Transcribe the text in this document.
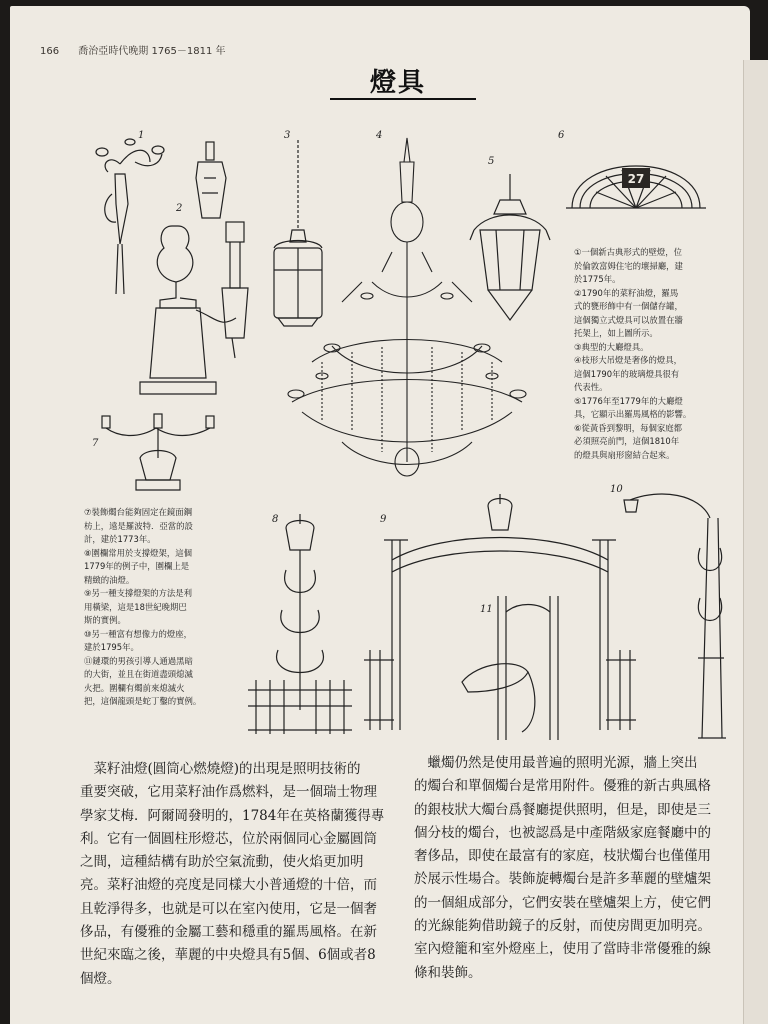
166 喬治亞時代晚期 1765－1811 年
燈具
1
2
3	4
5
6
7
8	9
10
11
27
①一個新古典形式的壁燈，位
於倫敦富姆住宅的壞掃廳，建
於1775年。
②1790年的菜籽油燈，羅馬
式的甕形飾中有一個儲存罐，
這個獨立式燈具可以放置在牆
托架上，如上圖所示。
③典型的大廳燈具。
④枝形大吊燈是奢侈的燈具，
這個1790年的玻璃燈具很有
代表性。
⑤1776年至1779年的大廳燈
具，它顯示出羅馬風格的影響。
⑥從黃昏到黎明，每個家庭都
必須照亮前門，這個1810年
的燈具與扇形窗結合起來。
⑦裝飾燭台能夠固定在鏡面鋼
枋上，遠是羅波特．亞當的設
計，建於1773年。
⑧圍欄常用於支撐燈架，這個
1779年的例子中，圍欄上是
精緻的油燈。
⑨另一種支撐燈架的方法是利
用橫梁，這是18世紀晚期巴
斯的實例。
⑩另一種富有想像力的燈座，
建於1795年。
⑪鏈環的男孩引導人通過黑暗
的大街，並且在街道盡頭熄滅
火把。圍欄有燭前來熄滅火
把，這個龍頭是蛇丁鑿的實例。
　菜籽油燈(圓筒心燃燒燈)的出現是照明技術的
重要突破，它用菜籽油作爲燃料，是一個瑞士物理
學家艾梅．阿爾岡發明的，1784年在英格蘭獲得專
利。它有一個圓柱形燈芯，位於兩個同心金屬圓筒
之間，這種結構有助於空氣流動，使火焰更加明
亮。菜籽油燈的亮度是同樣大小普通燈的十倍，而
且乾淨得多，也就是可以在室內使用，它是一個奢
侈品，有優雅的金屬工藝和穩重的羅馬風格。在新
世紀來臨之後，華麗的中央燈具有5個、6個或者8
個燈。
　蠟燭仍然是使用最普遍的照明光源，牆上突出
的燭台和單個燭台是常用附件。優雅的新古典風格
的銀枝狀大燭台爲餐廳提供照明，但是，即使是三
個分枝的燭台，也被認爲是中產階級家庭餐廳中的
奢侈品，即使在最富有的家庭，枝狀燭台也僅僅用
於展示性場合。裝飾旋轉燭台是許多華麗的壁爐架
的一個組成部分，它們安裝在壁爐架上方，使它們
的光線能夠借助鏡子的反射，而使房間更加明亮。
室內燈籠和室外燈座上，使用了當時非常優雅的線
條和裝飾。
